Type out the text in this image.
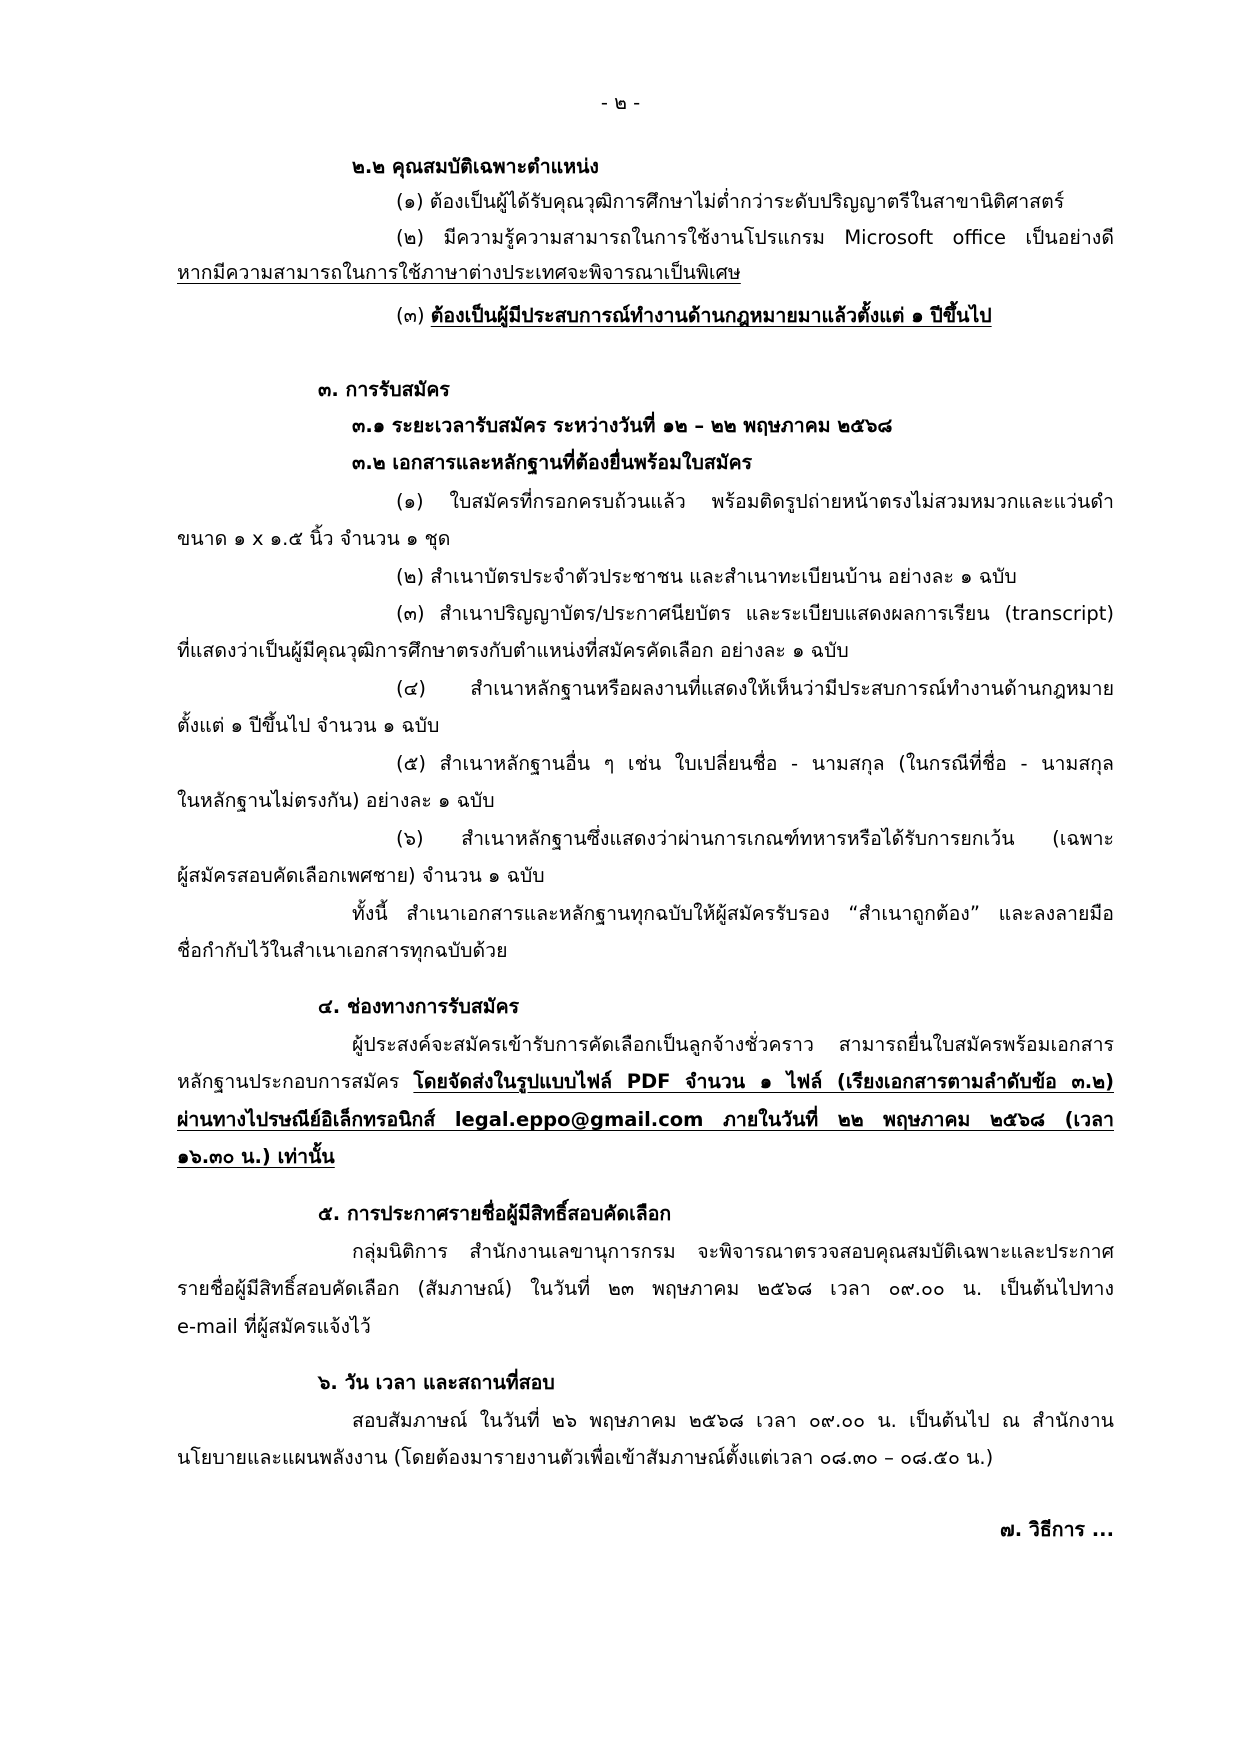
- ๒ -
๒.๒ คุณสมบัติเฉพาะตำแหน่ง
(๑) ต้องเป็นผู้ได้รับคุณวุฒิการศึกษาไม่ต่ำกว่าระดับปริญญาตรีในสาขานิติศาสตร์
(๒) มีความรู้ความสามารถในการใช้งานโปรแกรม Microsoft office เป็นอย่างดี
หากมีความสามารถในการใช้ภาษาต่างประเทศจะพิจารณาเป็นพิเศษ
(๓) ต้องเป็นผู้มีประสบการณ์ทำงานด้านกฎหมายมาแล้วตั้งแต่ ๑ ปีขึ้นไป
๓. การรับสมัคร
๓.๑ ระยะเวลารับสมัคร ระหว่างวันที่ ๑๒ – ๒๒ พฤษภาคม ๒๕๖๘
๓.๒ เอกสารและหลักฐานที่ต้องยื่นพร้อมใบสมัคร
(๑) ใบสมัครที่กรอกครบถ้วนแล้ว พร้อมติดรูปถ่ายหน้าตรงไม่สวมหมวกและแว่นดำ
ขนาด ๑ x ๑.๕ นิ้ว จำนวน ๑ ชุด
(๒) สำเนาบัตรประจำตัวประชาชน และสำเนาทะเบียนบ้าน อย่างละ ๑ ฉบับ
(๓) สำเนาปริญญาบัตร/ประกาศนียบัตร และระเบียบแสดงผลการเรียน (transcript)
ที่แสดงว่าเป็นผู้มีคุณวุฒิการศึกษาตรงกับตำแหน่งที่สมัครคัดเลือก อย่างละ ๑ ฉบับ
(๔) สำเนาหลักฐานหรือผลงานที่แสดงให้เห็นว่ามีประสบการณ์ทำงานด้านกฎหมาย
ตั้งแต่ ๑ ปีขึ้นไป จำนวน ๑ ฉบับ
(๕) สำเนาหลักฐานอื่น ๆ เช่น ใบเปลี่ยนชื่อ - นามสกุล (ในกรณีที่ชื่อ - นามสกุล
ในหลักฐานไม่ตรงกัน) อย่างละ ๑ ฉบับ
(๖) สำเนาหลักฐานซึ่งแสดงว่าผ่านการเกณฑ์ทหารหรือได้รับการยกเว้น (เฉพาะ
ผู้สมัครสอบคัดเลือกเพศชาย) จำนวน ๑ ฉบับ
ทั้งนี้ สำเนาเอกสารและหลักฐานทุกฉบับให้ผู้สมัครรับรอง “สำเนาถูกต้อง” และลงลายมือ
ชื่อกำกับไว้ในสำเนาเอกสารทุกฉบับด้วย
๔. ช่องทางการรับสมัคร
ผู้ประสงค์จะสมัครเข้ารับการคัดเลือกเป็นลูกจ้างชั่วคราว สามารถยื่นใบสมัครพร้อมเอกสาร
หลักฐานประกอบการสมัคร โดยจัดส่งในรูปแบบไฟล์ PDF จำนวน ๑ ไฟล์ (เรียงเอกสารตามลำดับข้อ ๓.๒)
ผ่านทางไปรษณีย์อิเล็กทรอนิกส์ legal.eppo@gmail.com ภายในวันที่ ๒๒ พฤษภาคม ๒๕๖๘ (เวลา
๑๖.๓๐ น.) เท่านั้น
๕. การประกาศรายชื่อผู้มีสิทธิ์สอบคัดเลือก
กลุ่มนิติการ สำนักงานเลขานุการกรม จะพิจารณาตรวจสอบคุณสมบัติเฉพาะและประกาศ
รายชื่อผู้มีสิทธิ์สอบคัดเลือก (สัมภาษณ์) ในวันที่ ๒๓ พฤษภาคม ๒๕๖๘ เวลา ๐๙.๐๐ น. เป็นต้นไปทาง
e-mail ที่ผู้สมัครแจ้งไว้
๖. วัน เวลา และสถานที่สอบ
สอบสัมภาษณ์ ในวันที่ ๒๖ พฤษภาคม ๒๕๖๘ เวลา ๐๙.๐๐ น. เป็นต้นไป ณ สำนักงาน
นโยบายและแผนพลังงาน (โดยต้องมารายงานตัวเพื่อเข้าสัมภาษณ์ตั้งแต่เวลา ๐๘.๓๐ – ๐๘.๕๐ น.)
๗. วิธีการ ...
